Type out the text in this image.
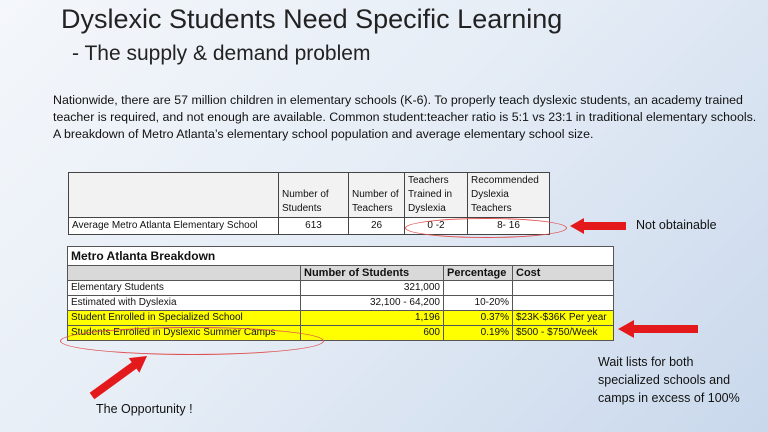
Dyslexic Students Need Specific Learning
- The supply & demand problem
Nationwide, there are 57 million children in elementary schools (K-6). To properly teach dyslexic students, an academy trained teacher is required, and not enough are available. Common student:teacher ratio is 5:1 vs 23:1 in traditional elementary schools. A breakdown of Metro Atlanta’s elementary school population and average elementary school size.
	Number of Students	Number of Teachers	Teachers Trained in Dyslexia	Recommended Dyslexia Teachers
Average Metro Atlanta Elementary School	613	26	0 -2	8- 16	Not obtainable
Metro Atlanta Breakdown			
	Number of Students	Percentage	Cost
Elementary Students	321,000		
Estimated with Dyslexia	32,100 - 64,200	10-20%	
Student Enrolled in Specialized School	1,196	0.37%	$23K-$36K Per year
Students Enrolled in Dyslexic Summer Camps	600	0.19%	$500 - $750/Week
Wait lists for both specialized schools and camps in excess of 100%
The Opportunity !
